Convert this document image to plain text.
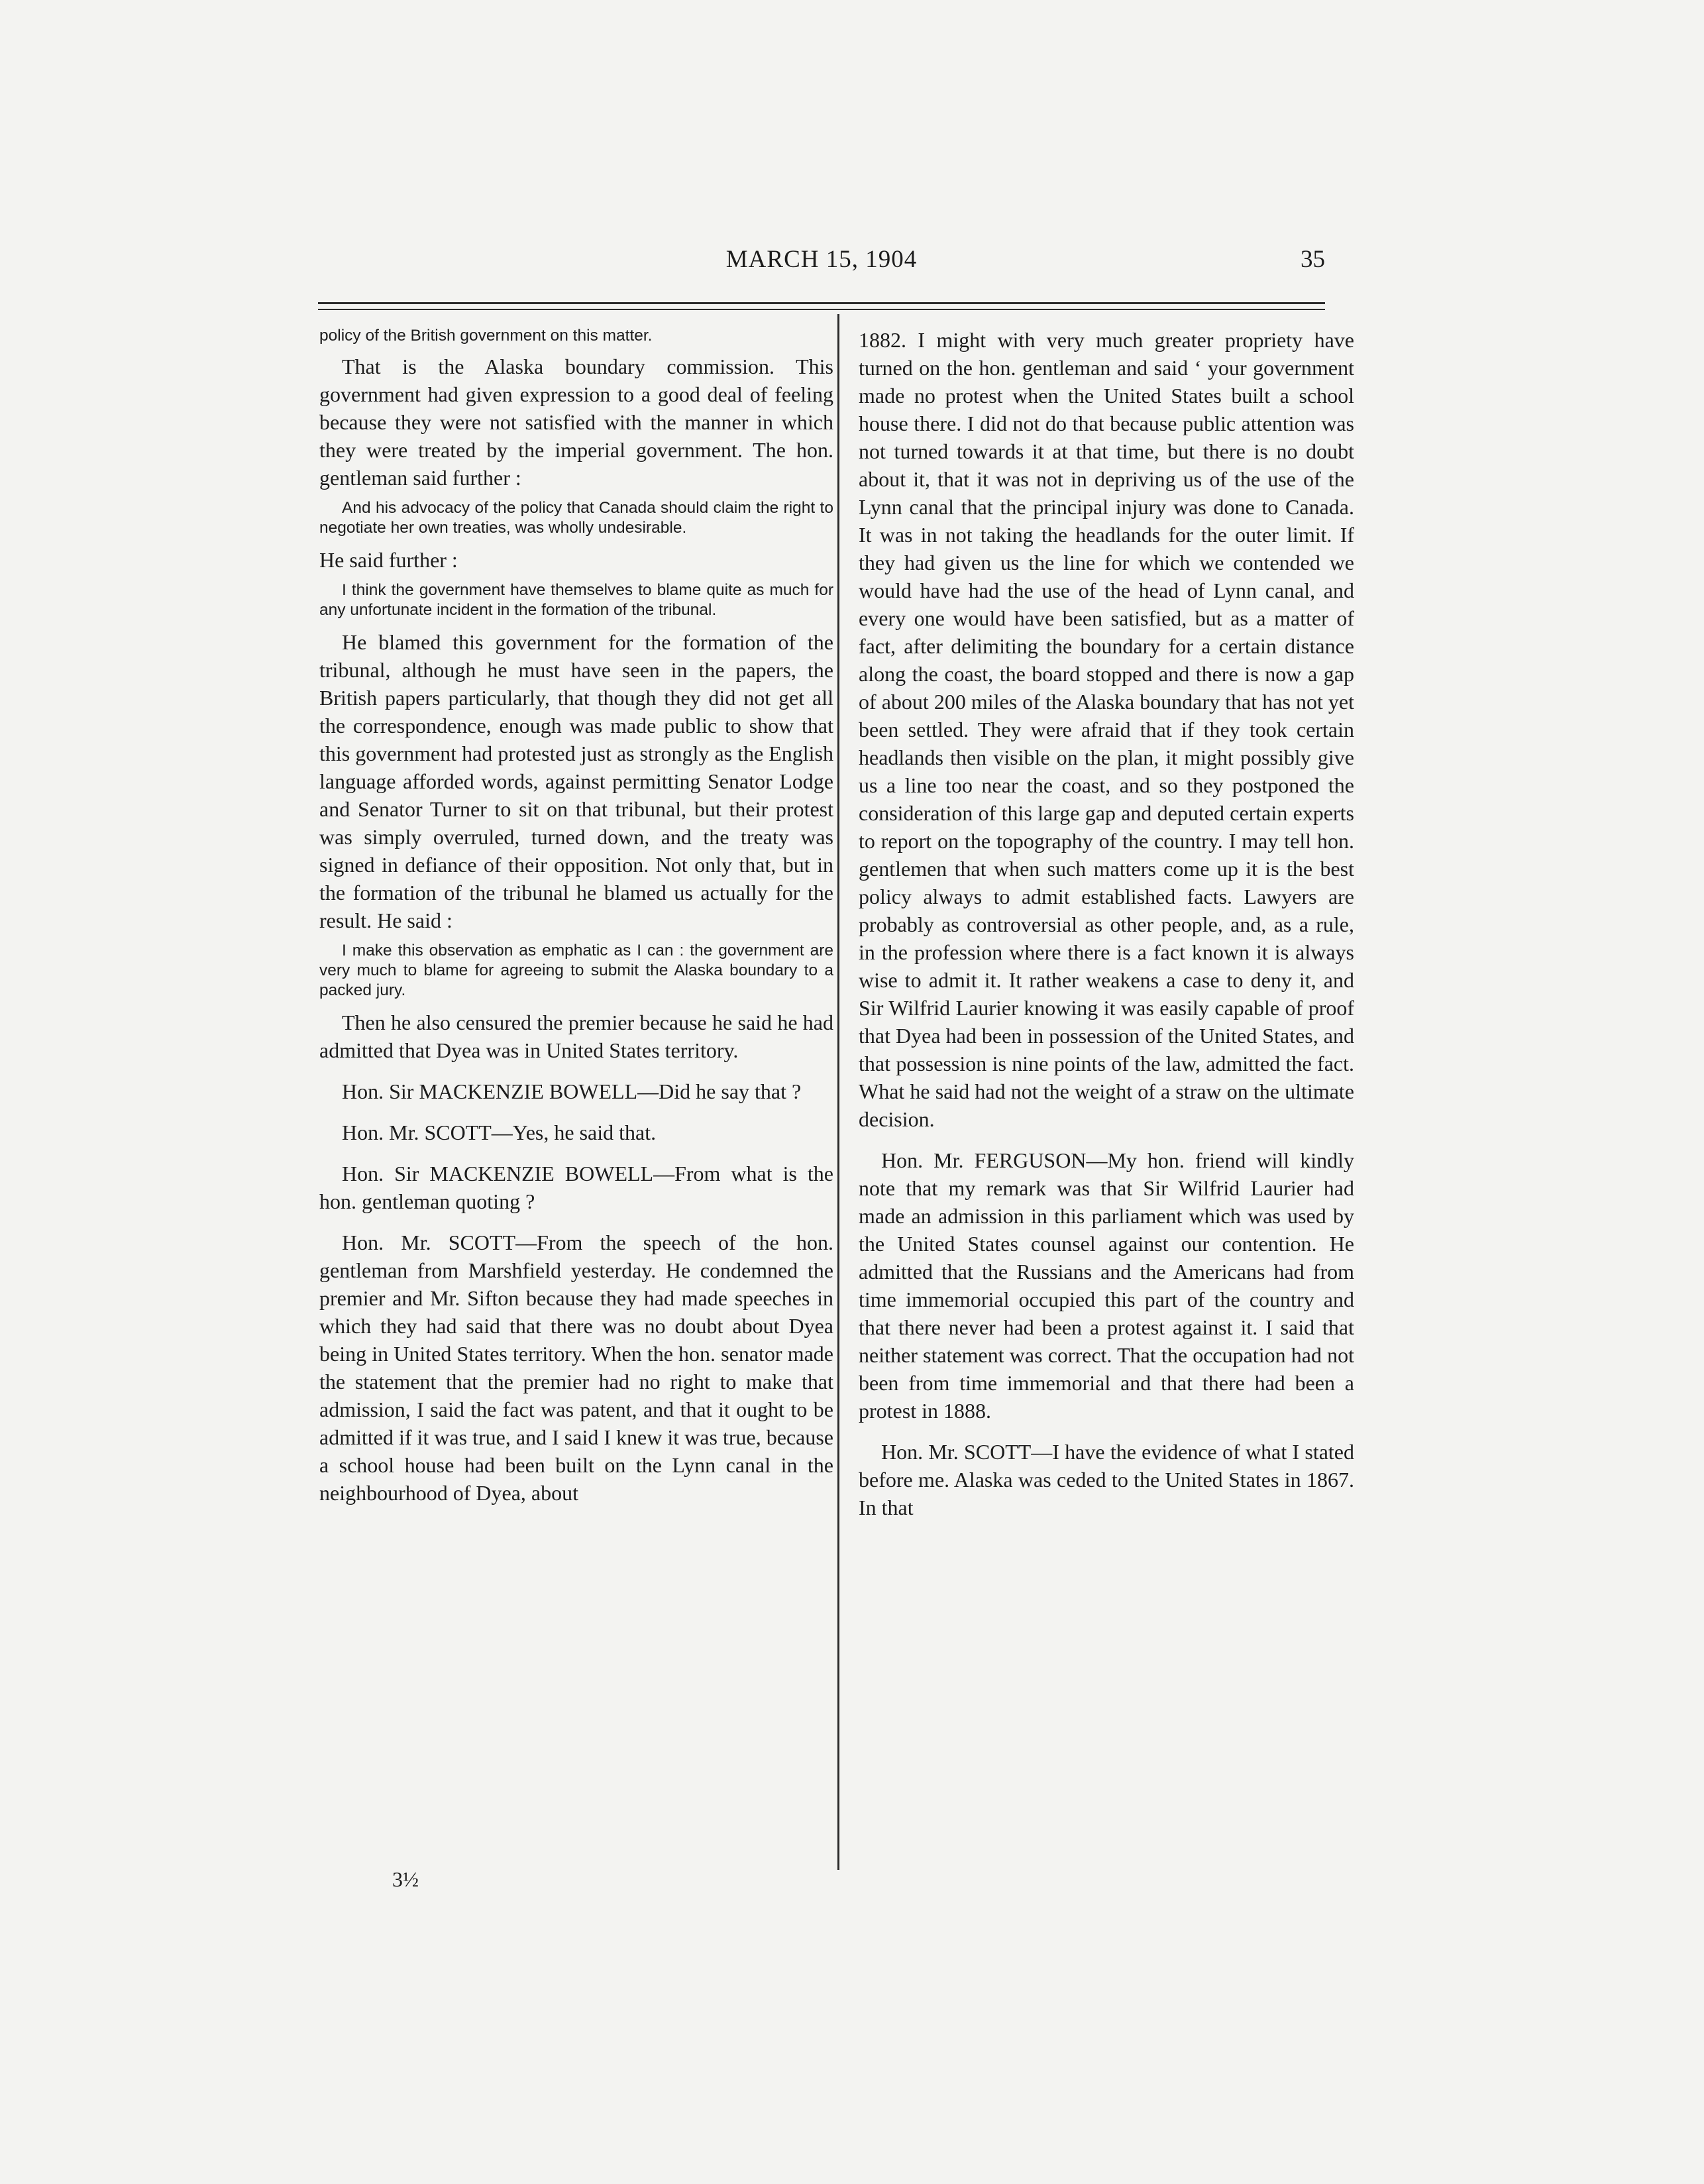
MARCH 15, 1904	35

policy of the British government on this matter.

That is the Alaska boundary commission. This government had given expression to a good deal of feeling because they were not satisfied with the manner in which they were treated by the imperial government. The hon. gentleman said further :

And his advocacy of the policy that Canada should claim the right to negotiate her own treaties, was wholly undesirable.

He said further :

I think the government have themselves to blame quite as much for any unfortunate incident in the formation of the tribunal.

He blamed this government for the formation of the tribunal, although he must have seen in the papers, the British papers particularly, that though they did not get all the correspondence, enough was made public to show that this government had protested just as strongly as the English language afforded words, against permitting Senator Lodge and Senator Turner to sit on that tribunal, but their protest was simply overruled, turned down, and the treaty was signed in defiance of their opposition. Not only that, but in the formation of the tribunal he blamed us actually for the result. He said :

I make this observation as emphatic as I can : the government are very much to blame for agreeing to submit the Alaska boundary to a packed jury.

Then he also censured the premier because he said he had admitted that Dyea was in United States territory.

Hon. Sir MACKENZIE BOWELL—Did he say that ?

Hon. Mr. SCOTT—Yes, he said that.

Hon. Sir MACKENZIE BOWELL—From what is the hon. gentleman quoting ?

Hon. Mr. SCOTT—From the speech of the hon. gentleman from Marshfield yesterday. He condemned the premier and Mr. Sifton because they had made speeches in which they had said that there was no doubt about Dyea being in United States territory. When the hon. senator made the statement that the premier had no right to make that admission, I said the fact was patent, and that it ought to be admitted if it was true, and I said I knew it was true, because a school house had been built on the Lynn canal in the neighbourhood of Dyea, about

1882. I might with very much greater propriety have turned on the hon. gentleman and said ‘ your government made no protest when the United States built a school house there. I did not do that because public attention was not turned towards it at that time, but there is no doubt about it, that it was not in depriving us of the use of the Lynn canal that the principal injury was done to Canada. It was in not taking the headlands for the outer limit. If they had given us the line for which we contended we would have had the use of the head of Lynn canal, and every one would have been satisfied, but as a matter of fact, after delimiting the boundary for a certain distance along the coast, the board stopped and there is now a gap of about 200 miles of the Alaska boundary that has not yet been settled. They were afraid that if they took certain headlands then visible on the plan, it might possibly give us a line too near the coast, and so they postponed the consideration of this large gap and deputed certain experts to report on the topography of the country. I may tell hon. gentlemen that when such matters come up it is the best policy always to admit established facts. Lawyers are probably as controversial as other people, and, as a rule, in the profession where there is a fact known it is always wise to admit it. It rather weakens a case to deny it, and Sir Wilfrid Laurier knowing it was easily capable of proof that Dyea had been in possession of the United States, and that possession is nine points of the law, admitted the fact. What he said had not the weight of a straw on the ultimate decision.

Hon. Mr. FERGUSON—My hon. friend will kindly note that my remark was that Sir Wilfrid Laurier had made an admission in this parliament which was used by the United States counsel against our contention. He admitted that the Russians and the Americans had from time immemorial occupied this part of the country and that there never had been a protest against it. I said that neither statement was correct. That the occupation had not been from time immemorial and that there had been a protest in 1888.

Hon. Mr. SCOTT—I have the evidence of what I stated before me. Alaska was ceded to the United States in 1867. In that

3½
